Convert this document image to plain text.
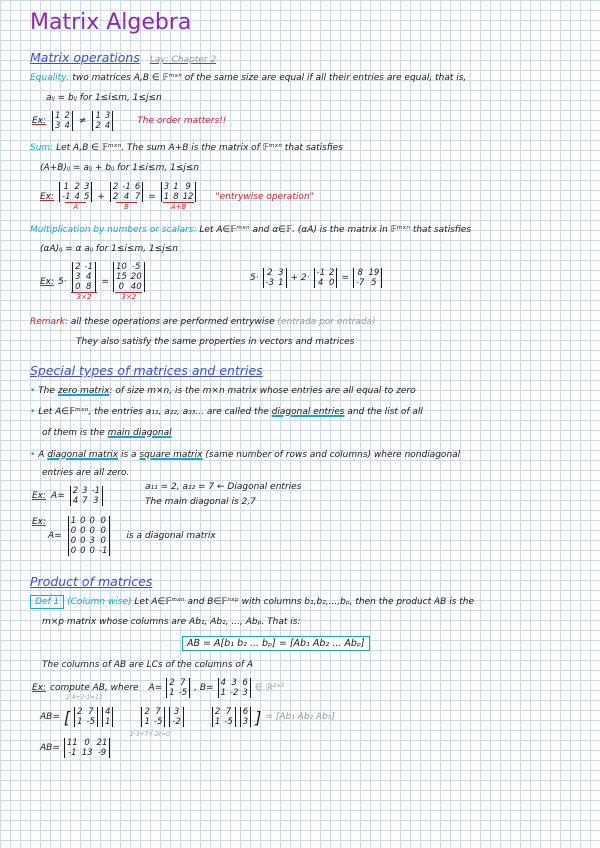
Matrix Algebra
Matrix operations Lay: Chapter 2
Equality: two matrices A,B ∈ 𝔽ᵐˣⁿ of the same size are equal if all their entries are equal, that is,
aᵢⱼ = bᵢⱼ for 1≤i≤m, 1≤j≤n
Ex: 1	2
3	4 ≠ 1	3
2	4	The order matters!!
Sum: Let A,B ∈ 𝔽ᵐˣⁿ. The sum A+B is the matrix of 𝔽ᵐˣⁿ that satisfies
(A+B)ᵢⱼ = aᵢⱼ + bᵢⱼ for 1≤i≤m, 1≤j≤n
Ex:
1	2	3
-1	4	5
A
+
2	-1	6
2	4	7
B
=
3	1	9
1	8	12
A+B
"entrywise operation"
Multiplication by numbers or scalars: Let A∈𝔽ᵐˣⁿ and α∈𝔽. (αA) is the matrix in 𝔽ᵐˣⁿ that satisfies
(αA)ᵢⱼ = α aᵢⱼ for 1≤i≤m, 1≤j≤n
Ex: 5·
2	-1
3	4
0	8
3×2
=
10	-5
15	20
0	40
3×2
5· 2	3
-3	1 + 2· -1	2
4	0 = 8	19
-7	5
Remark: all these operations are performed entrywise (entrada por entrada)
They also satisfy the same properties in vectors and matrices
Special types of matrices and entries
• The zero matrix: of size m×n, is the m×n matrix whose entries are all equal to zero
• Let A∈𝔽ᵐˣⁿ, the entries a₁₁, a₂₂, a₃₃... are called the diagonal entries and the list of all
of them is the main diagonal
• A diagonal matrix is a square matrix (same number of rows and columns) where nondiagonal
entries are all zero.
Ex: A= 2	3	-1
4	7	3
a₁₁ = 2, a₂₂ = 7 ← Diagonal entries
The main diagonal is 2,7
Ex:
A=
1	0	0	0
0	0	0	0
0	0	3	0
0	0	0	-1
is a diagonal matrix
Product of matrices
Def 1 (Column wise) Let A∈𝔽ᵐˣⁿ and B∈𝔽ⁿˣᵖ with columns b₁,b₂,...,bₚ, then the product AB is the
m×p matrix whose columns are Ab₁, Ab₂, ..., Abₚ. That is:
AB = A[b₁ b₂ ... bₚ] = [Ab₁ Ab₂ ... Abₚ]
The columns of AB are LCs of the columns of A
Ex: compute AB, where A= 2	7
1	-5 , B= 4	3	6
1	-2	3 ∈ ℝ²ˣ³
2·4+7·1=11
AB= [ 2	7
1	-5
4
1
2	7
1	-5
3
-2
2	7
1	-5
6
3 ] = [Ab₁ Ab₂ Ab₃]
2·3+7·(-2)=0
AB= 11	0	21
-1	13	-9
